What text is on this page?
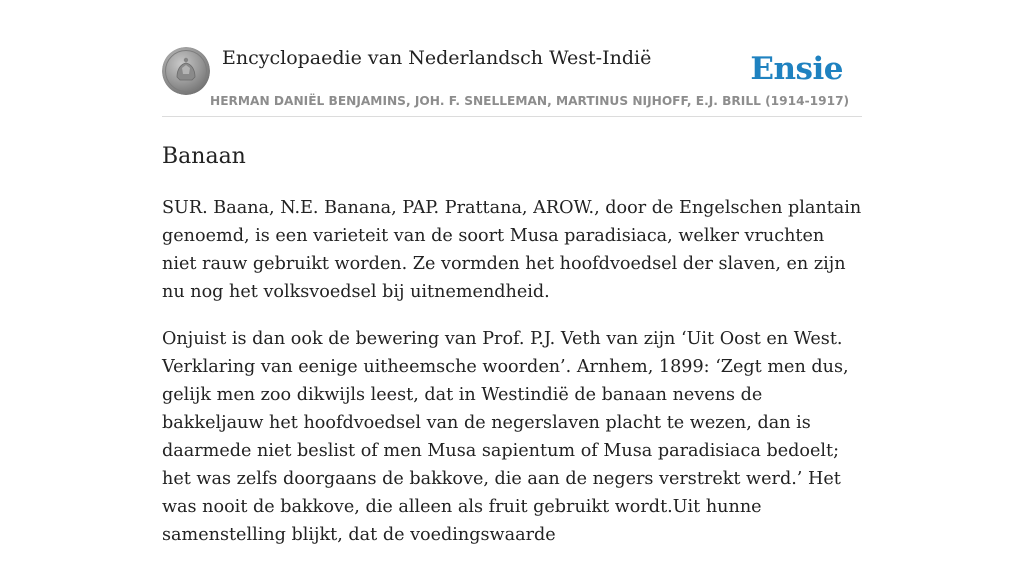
Encyclopaedie van Nederlandsch West-Indië	Ensie
HERMAN DANIËL BENJAMINS, JOH. F. SNELLEMAN, MARTINUS NIJHOFF, E.J. BRILL (1914-1917)
Banaan

SUR. Baana, N.E. Banana, PAP. Prattana, AROW., door de Engelschen plantain genoemd, is een varieteit van de soort Musa paradisiaca, welker vruchten niet rauw gebruikt worden. Ze vormden het hoofdvoedsel der slaven, en zijn nu nog het volksvoedsel bij uitnemendheid.

Onjuist is dan ook de bewering van Prof. P.J. Veth van zijn ‘Uit Oost en West. Verklaring van eenige uitheemsche woorden’. Arnhem, 1899: ‘Zegt men dus, gelijk men zoo dikwijls leest, dat in Westindië de banaan nevens de bakkeljauw het hoofdvoedsel van de negerslaven placht te wezen, dan is daarmede niet beslist of men Musa sapientum of Musa paradisiaca bedoelt; het was zelfs doorgaans de bakkove, die aan de negers verstrekt werd.’ Het was nooit de bakkove, die alleen als fruit gebruikt wordt.Uit hunne samenstelling blijkt, dat de voedingswaarde
